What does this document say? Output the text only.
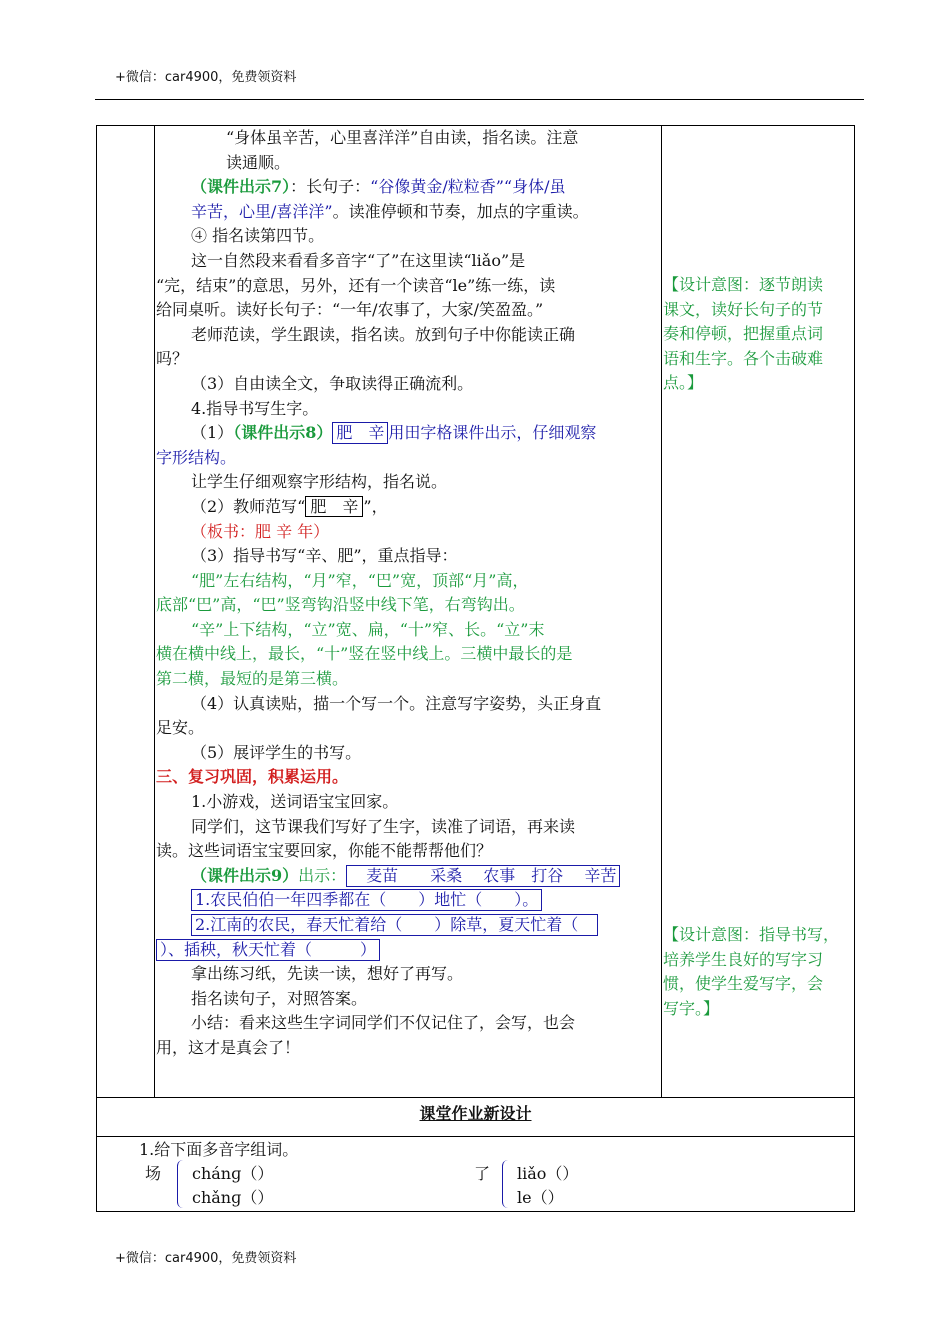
+微信：car4900，免费领资料

“身体虽辛苦，心里喜洋洋”自由读，指名读。注意

读通顺。

（课件出示7）：长句子：“谷像黄金/粒粒香”“身体/虽

辛苦，心里/喜洋洋”。读准停顿和节奏，加点的字重读。

④ 指名读第四节。

这一自然段来看看多音字“了”在这里读“liǎo”是

“完，结束”的意思，另外，还有一个读音“le”练一练，读

给同桌听。读好长句子：“一年/农事了，大家/笑盈盈。”

老师范读，学生跟读，指名读。放到句子中你能读正确

吗？

（3）自由读全文，争取读得正确流利。

4.指导书写生字。

（1）（课件出示8） 肥　辛 用田字格课件出示，仔细观察

字形结构。

让学生仔细观察字形结构，指名说。

（2）教师范写“ 肥　辛 ”，

（板书：肥 辛 年）

（3）指导书写“辛、肥”，重点指导：

“肥”左右结构，“月”窄，“巴”宽，顶部“月”高，

底部“巴”高，“巴”竖弯钩沿竖中线下笔，右弯钩出。

“辛”上下结构，“立”宽、扁，“十”窄、长。“立”末

横在横中线上，最长，“十”竖在竖中线上。三横中最长的是

第二横，最短的是第三横。

（4）认真读贴，描一个写一个。注意写字姿势，头正身直

足安。

（5）展评学生的书写。

三、复习巩固，积累运用。

1.小游戏，送词语宝宝回家。

同学们，这节课我们写好了生字，读准了词语，再来读

读。这些词语宝宝要回家，你能不能帮帮他们？

（课件出示9）出示：　麦苗　　采桑　 农事　打谷　 辛苦

1.农民伯伯一年四季都在（　　）地忙（　　）。

2.江南的农民，春天忙着给（　　）除草，夏天忙着（　

）、插秧，秋天忙着（　　　）

拿出练习纸，先读一读，想好了再写。

指名读句子，对照答案。

小结：看来这些生字词同学们不仅记住了，会写，也会

用，这才是真会了！

【设计意图：逐节朗读
课文，读好长句子的节
奏和停顿，把握重点词
语和生字。各个击破难
点。】
【设计意图：指导书写，
培养学生良好的写字习
惯，使学生爱写字，会
写字。】
课堂作业新设计
1.给下面多音字组词。
场 chánɡ（）
chǎnɡ（）
了 liǎo（）
le（）
+微信：car4900，免费领资料
